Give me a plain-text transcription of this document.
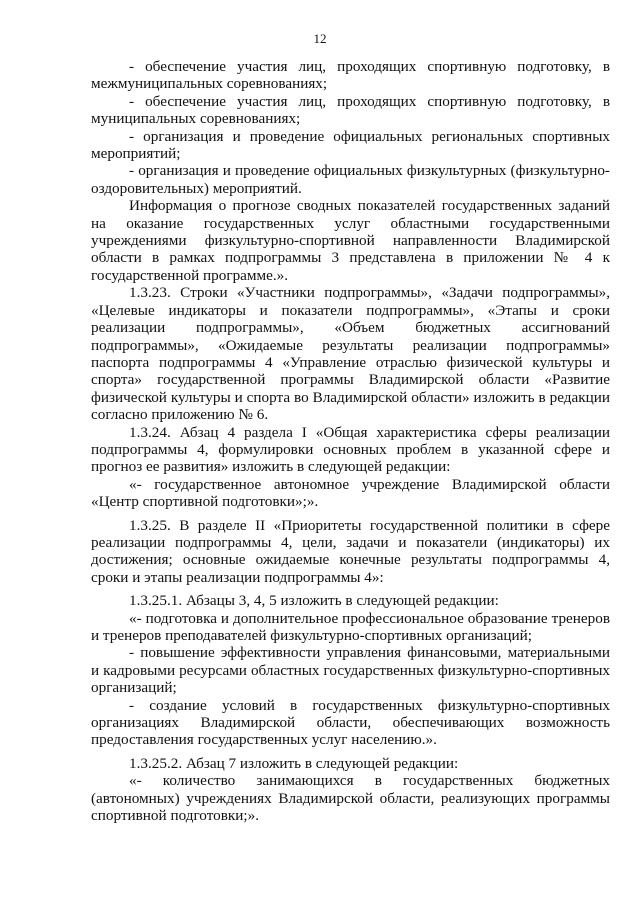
12

- обеспечение участия лиц, проходящих спортивную подготовку, в межмуниципальных соревнованиях;

- обеспечение участия лиц, проходящих спортивную подготовку, в муниципальных соревнованиях;

- организация и проведение официальных региональных спортивных мероприятий;

- организация и проведение официальных физкультурных (физкультурно-оздоровительных) мероприятий.

Информация о прогнозе сводных показателей государственных заданий на оказание государственных услуг областными государственными учреждениями физкультурно-спортивной направленности Владимирской области в рамках подпрограммы 3 представлена в приложении № 4 к государственной программе.».

1.3.23. Строки «Участники подпрограммы», «Задачи подпрограммы», «Целевые индикаторы и показатели подпрограммы», «Этапы и сроки реализации подпрограммы», «Объем бюджетных ассигнований подпрограммы», «Ожидаемые результаты реализации подпрограммы» паспорта подпрограммы 4 «Управление отраслью физической культуры и спорта» государственной программы Владимирской области «Развитие физической культуры и спорта во Владимирской области» изложить в редакции согласно приложению № 6.

1.3.24. Абзац 4 раздела I «Общая характеристика сферы реализации подпрограммы 4, формулировки основных проблем в указанной сфере и прогноз ее развития» изложить в следующей редакции:

«- государственное автономное учреждение Владимирской области «Центр спортивной подготовки»;».

1.3.25. В разделе II «Приоритеты государственной политики в сфере реализации подпрограммы 4, цели, задачи и показатели (индикаторы) их достижения; основные ожидаемые конечные результаты подпрограммы 4, сроки и этапы реализации подпрограммы 4»:

1.3.25.1. Абзацы 3, 4, 5 изложить в следующей редакции:

«- подготовка и дополнительное профессиональное образование тренеров и тренеров преподавателей физкультурно-спортивных организаций;

- повышение эффективности управления финансовыми, материальными и кадровыми ресурсами областных государственных физкультурно-спортивных организаций;

- создание условий в государственных физкультурно-спортивных организациях Владимирской области, обеспечивающих возможность предоставления государственных услуг населению.».

1.3.25.2. Абзац 7 изложить в следующей редакции:

«- количество занимающихся в государственных бюджетных (автономных) учреждениях Владимирской области, реализующих программы спортивной подготовки;».
